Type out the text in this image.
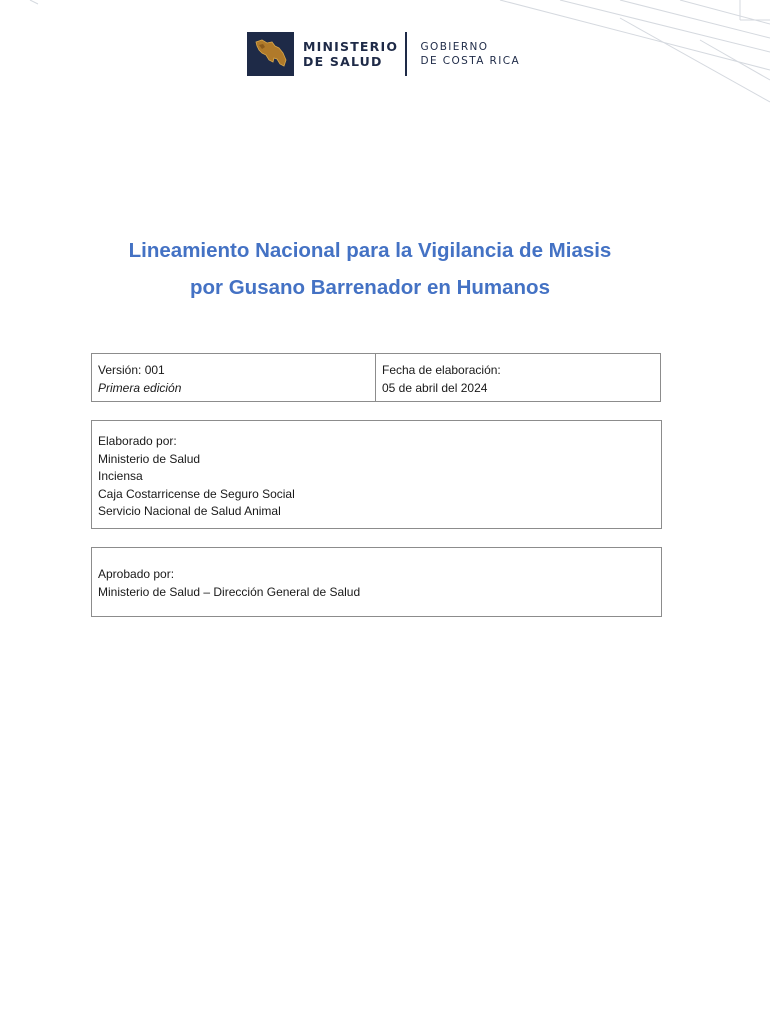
MINISTERIO
DE SALUD
GOBIERNO
DE COSTA RICA
Lineamiento Nacional para la Vigilancia de Miasis
por Gusano Barrenador en Humanos
Versión: 001
Primera edición
Fecha de elaboración:
05 de abril del 2024
Elaborado por:
Ministerio de Salud
Inciensa
Caja Costarricense de Seguro Social
Servicio Nacional de Salud Animal
Aprobado por:
Ministerio de Salud – Dirección General de Salud
